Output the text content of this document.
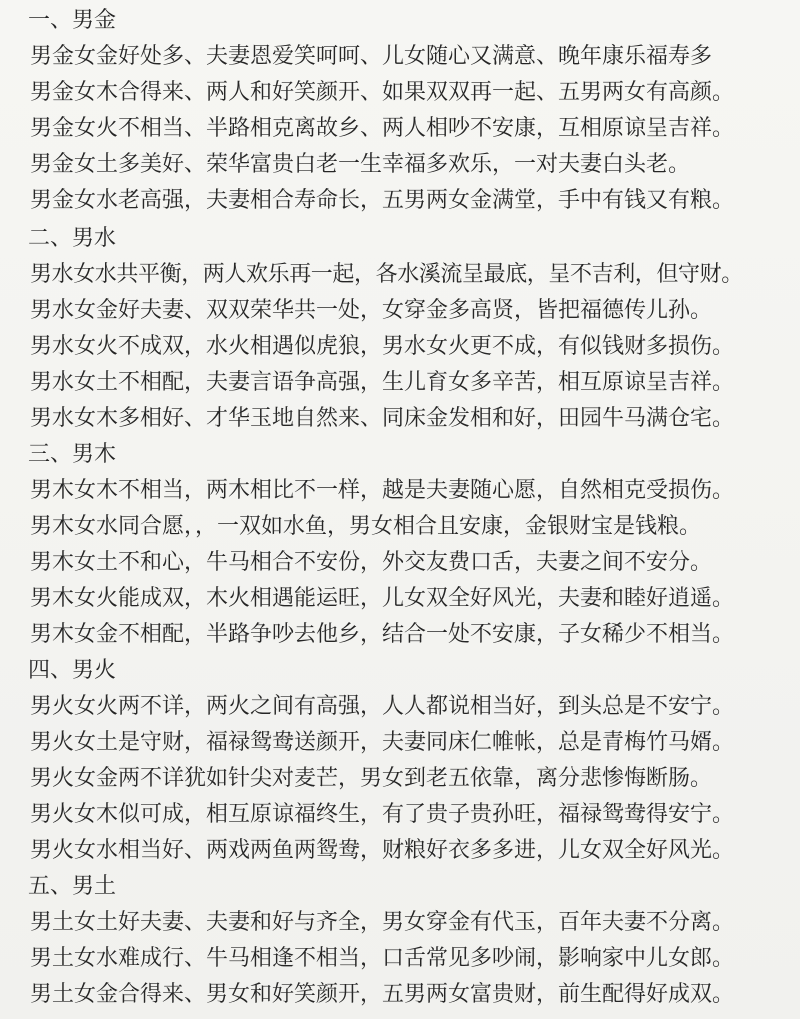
一、男金
男金女金好处多、夫妻恩爱笑呵呵、儿女随心又满意、晚年康乐福寿多
男金女木合得来、两人和好笑颜开、如果双双再一起、五男两女有高颜。
男金女火不相当、半路相克离故乡、两人相吵不安康，互相原谅呈吉祥。
男金女土多美好、荣华富贵白老一生幸福多欢乐，一对夫妻白头老。
男金女水老高强，夫妻相合寿命长，五男两女金满堂，手中有钱又有粮。
二、男水
男水女水共平衡，两人欢乐再一起，各水溪流呈最底，呈不吉利，但守财。
男水女金好夫妻、双双荣华共一处，女穿金多高贤，皆把福德传儿孙。
男水女火不成双，水火相遇似虎狼，男水女火更不成，有似钱财多损伤。
男水女土不相配，夫妻言语争高强，生儿育女多辛苦，相互原谅呈吉祥。
男水女木多相好、才华玉地自然来、同床金发相和好，田园牛马满仓宅。
三、男木
男木女木不相当，两木相比不一样，越是夫妻随心愿，自然相克受损伤。
男木女水同合愿，，一双如水鱼，男女相合且安康，金银财宝是钱粮。
男木女土不和心，牛马相合不安份，外交友费口舌，夫妻之间不安分。
男木女火能成双，木火相遇能运旺，儿女双全好风光，夫妻和睦好逍遥。
男木女金不相配，半路争吵去他乡，结合一处不安康，子女稀少不相当。
四、男火
男火女火两不详，两火之间有高强，人人都说相当好，到头总是不安宁。
男火女土是守财，福禄鸳鸯送颜开，夫妻同床仁帷帐，总是青梅竹马婿。
男火女金两不详犹如针尖对麦芒，男女到老五依靠，离分悲惨悔断肠。
男火女木似可成，相互原谅福终生，有了贵子贵孙旺，福禄鸳鸯得安宁。
男火女水相当好、两戏两鱼两鸳鸯，财粮好衣多多进，儿女双全好风光。
五、男土
男土女土好夫妻、夫妻和好与齐全，男女穿金有代玉，百年夫妻不分离。
男土女水难成行、牛马相逢不相当，口舌常见多吵闹，影响家中儿女郎。
男土女金合得来、男女和好笑颜开，五男两女富贵财，前生配得好成双。
